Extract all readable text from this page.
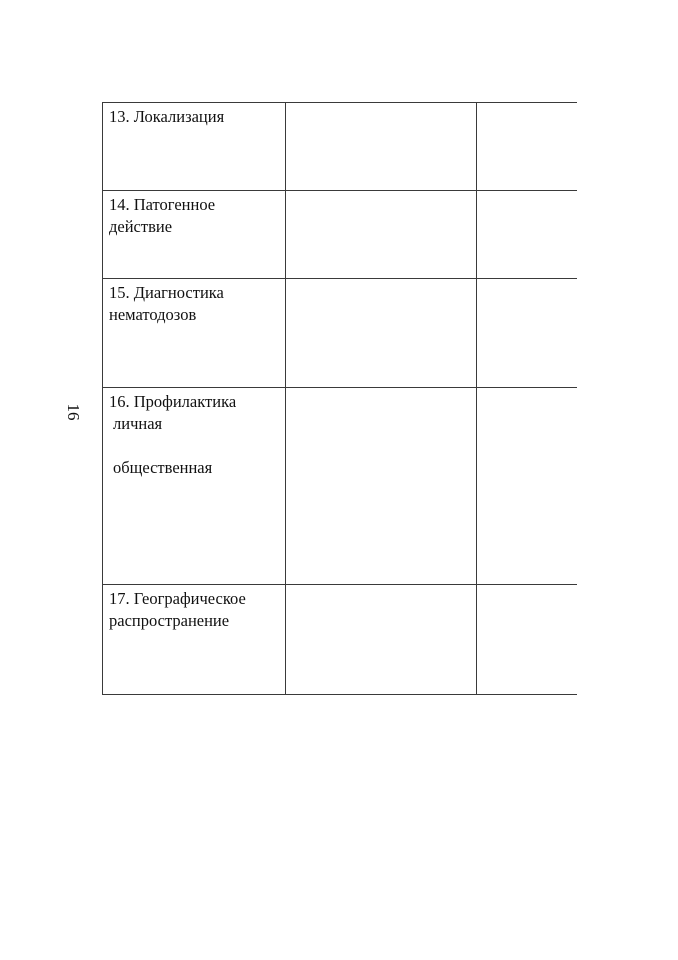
16
13. Локализация		
14. Патогенное действие		
15. Диагностика нематодозов		
16. Профилактика
личная
общественная		

17. Географическое распространение		
